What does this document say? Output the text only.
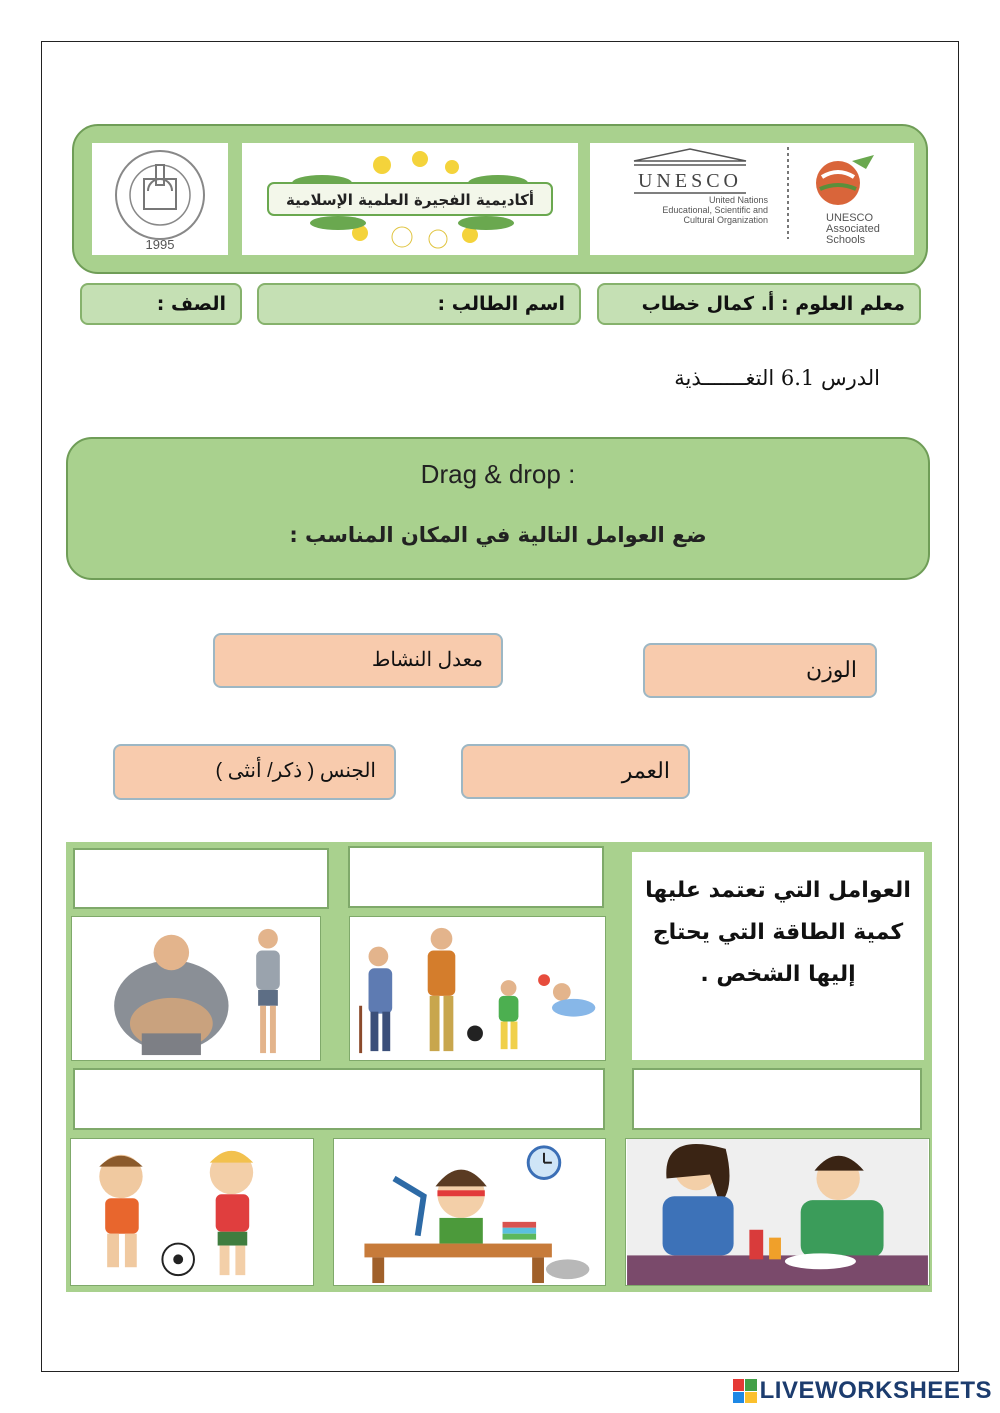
1995
أكاديمية الفجيرة العلمية الإسلامية
UNESCO
United Nations
Educational, Scientific and
Cultural Organization	UNESCO
Associated
Schools
معلم العلوم : أ. كمال خطاب
اسم الطالب :
الصف :
الدرس 6.1 التغـــــــذية
Drag & drop :
ضع العوامل التالية في المكان المناسب :
معدل النشاط	الوزن
الجنس ( ذكر/ أنثى )	العمر
العوامل التي تعتمد عليها كمية الطاقة التي يحتاج إليها الشخص .
LIVEWORKSHEETS
